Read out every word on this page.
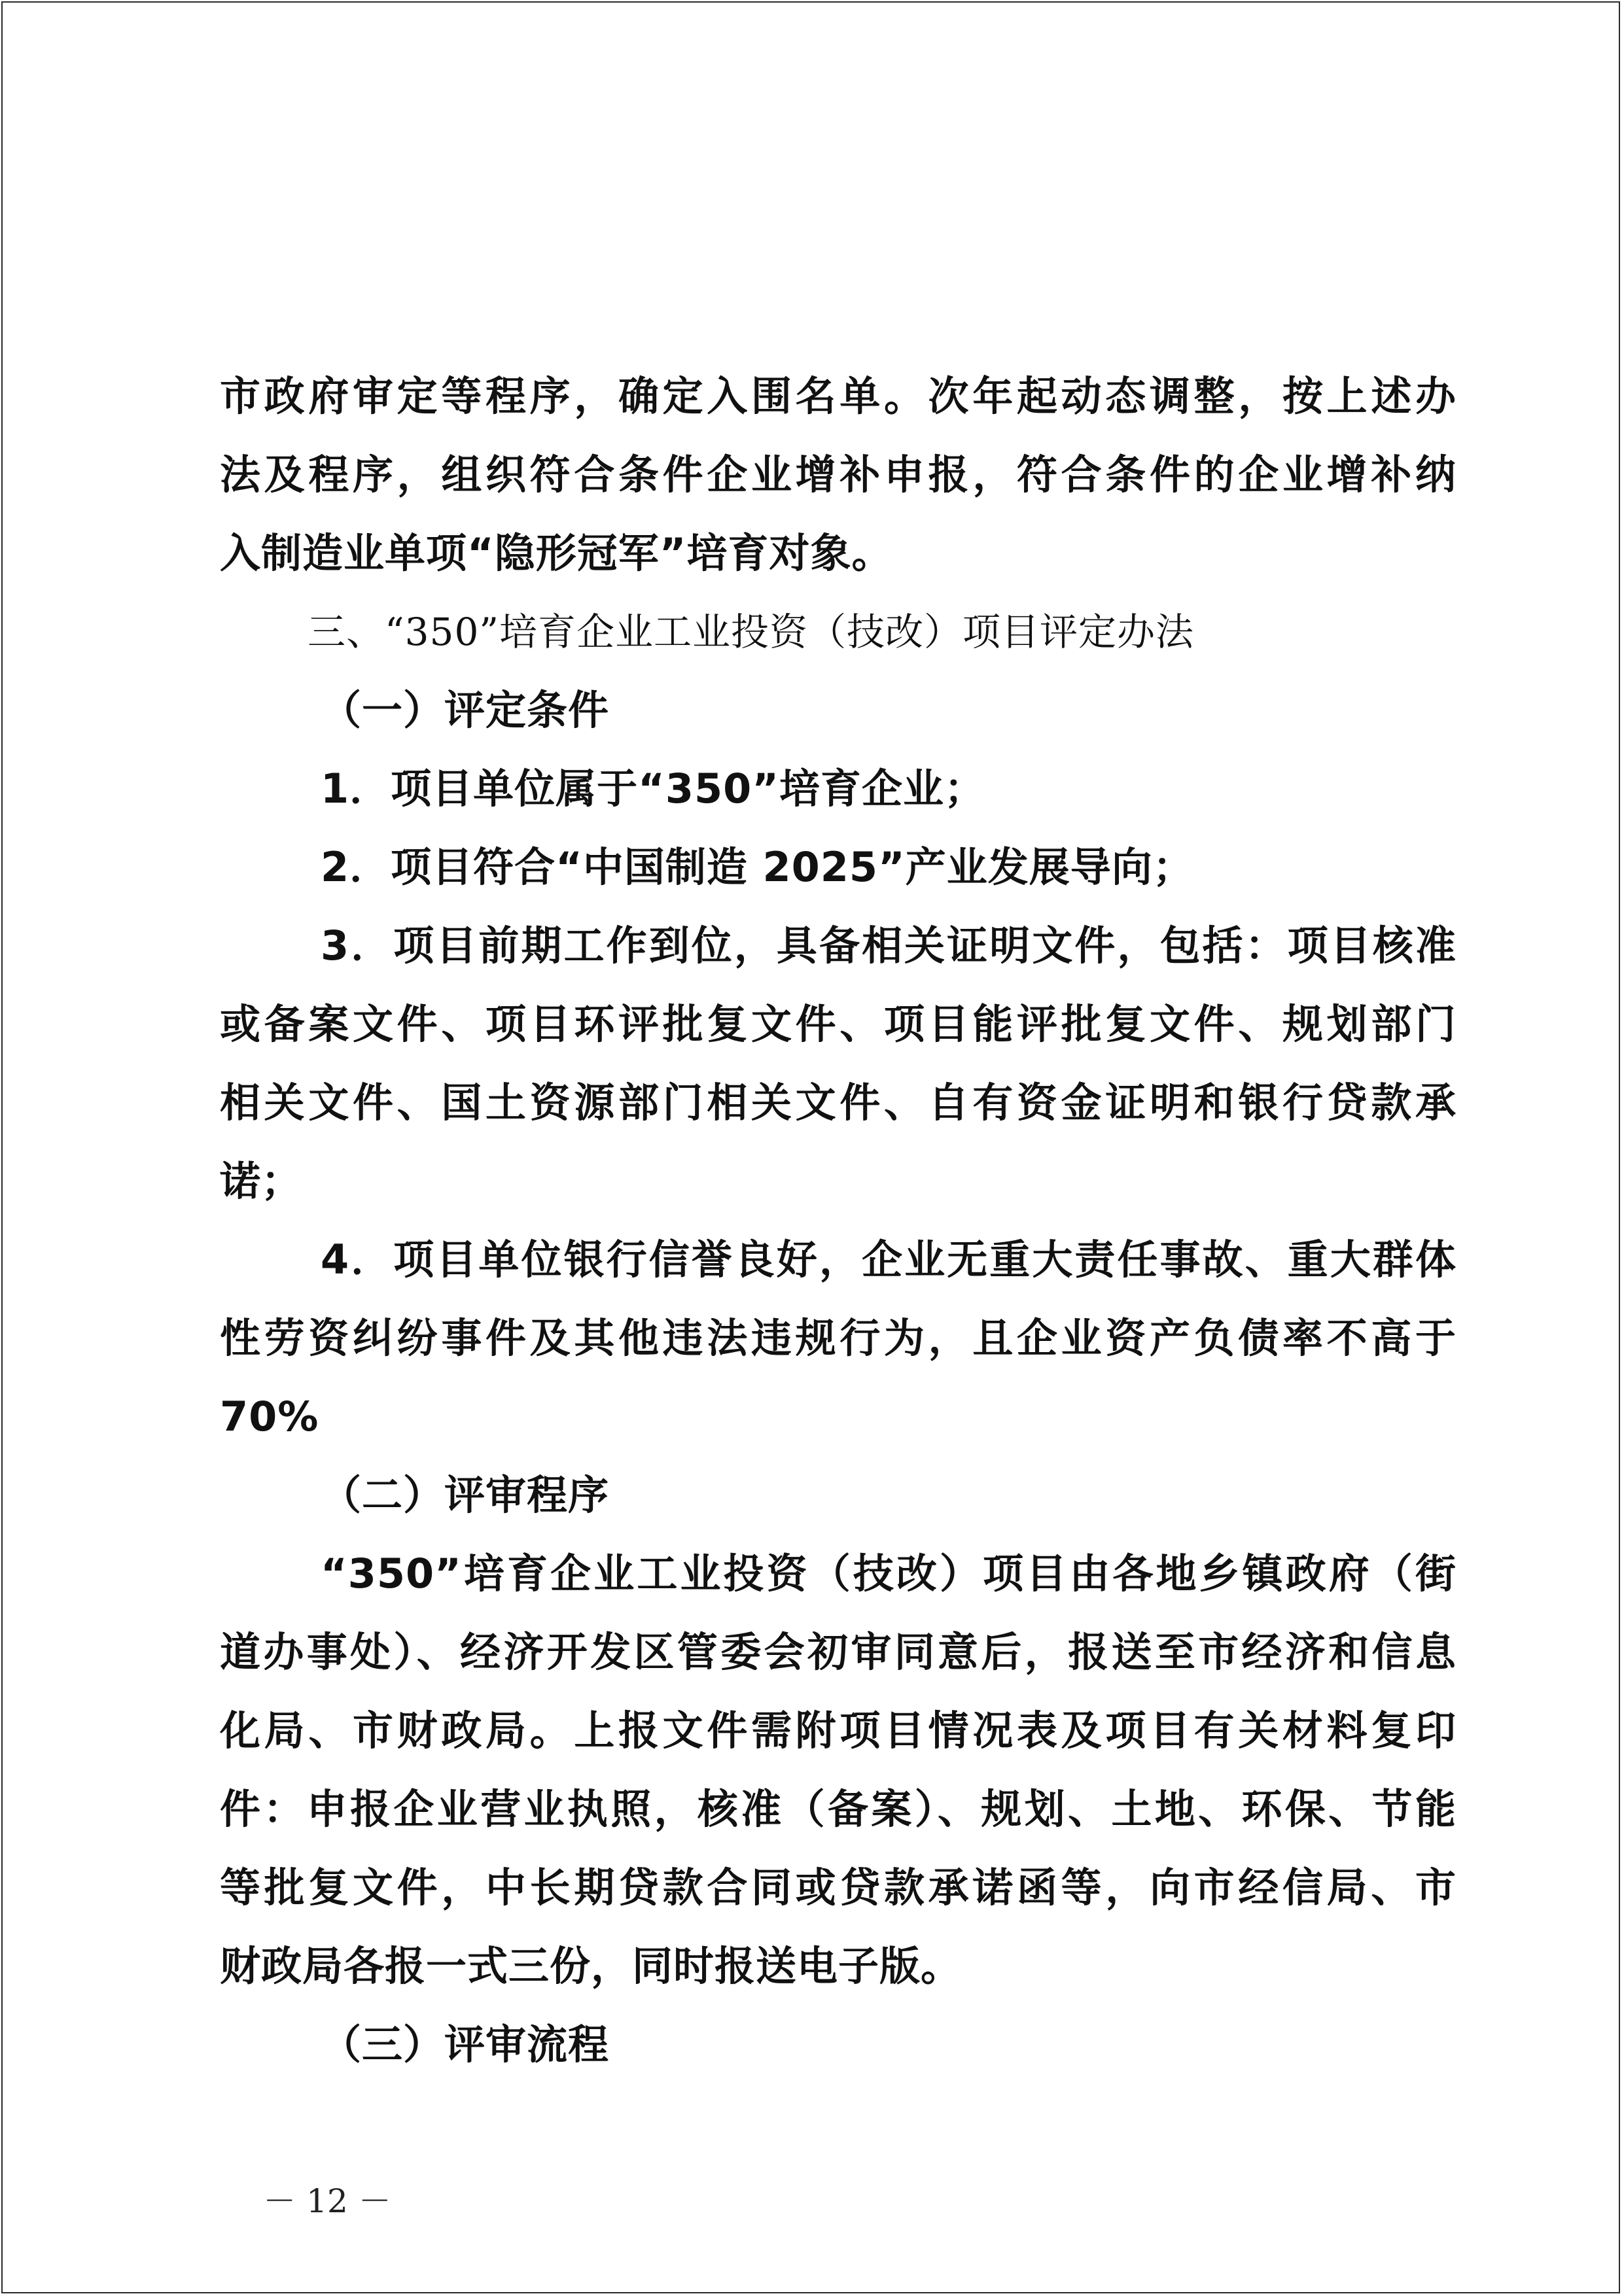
市政府审定等程序，确定入围名单。次年起动态调整，按上述办
法及程序，组织符合条件企业增补申报，符合条件的企业增补纳
入制造业单项“隐形冠军”培育对象。
三、“350”培育企业工业投资（技改）项目评定办法
（一）评定条件
1．项目单位属于“350”培育企业；
2．项目符合“中国制造 2025”产业发展导向；
3．项目前期工作到位，具备相关证明文件，包括：项目核准
或备案文件、项目环评批复文件、项目能评批复文件、规划部门
相关文件、国土资源部门相关文件、自有资金证明和银行贷款承
诺；
4．项目单位银行信誉良好，企业无重大责任事故、重大群体
性劳资纠纷事件及其他违法违规行为，且企业资产负债率不高于
70%
（二）评审程序
“350”培育企业工业投资（技改）项目由各地乡镇政府（街
道办事处）、经济开发区管委会初审同意后，报送至市经济和信息
化局、市财政局。上报文件需附项目情况表及项目有关材料复印
件：申报企业营业执照，核准（备案）、规划、土地、环保、节能
等批复文件，中长期贷款合同或贷款承诺函等，向市经信局、市
财政局各报一式三份，同时报送电子版。
（三）评审流程
－ 12 －
